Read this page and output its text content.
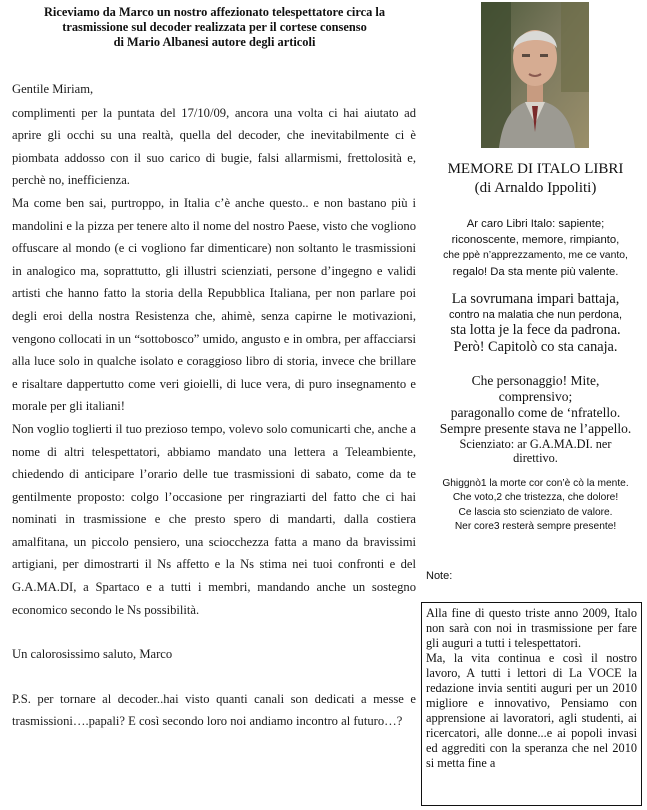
Riceviamo da Marco un nostro affezionato telespettatore circa la
trasmissione sul decoder realizzata per il cortese consenso
di Mario Albanesi autore degli articoli

Gentile Miriam,

complimenti per la puntata del 17/10/09, ancora una volta ci hai aiutato ad aprire gli occhi su una realtà, quella del decoder, che inevitabilmente ci è piombata addosso con il suo carico di bugie, falsi allarmismi, frettolosità e, perchè no, inefficienza.

Ma come ben sai, purtroppo, in Italia c’è anche questo.. e non bastano più i mandolini e la pizza per tenere alto il nome del nostro Paese, visto che vogliono offuscare al mondo (e ci vogliono far dimenticare) non soltanto le trasmissioni in analogico ma, soprattutto, gli illustri scienziati, persone d’ingegno e validi artisti che hanno fatto la storia della Repubblica Italiana, per non parlare poi degli eroi della nostra Resistenza che, ahimè, senza capirne le motivazioni, vengono collocati in un “sottobosco” umido, angusto e in ombra, per affacciarsi alla luce solo in qualche isolato e coraggioso libro di storia, invece che brillare e risaltare dappertutto come veri gioielli, di luce vera, di puro insegnamento e morale per gli italiani!

Non voglio toglierti il tuo prezioso tempo, volevo solo comunicarti che, anche a nome di altri telespettatori, abbiamo mandato una lettera a Teleambiente, chiedendo di anticipare l’orario delle tue trasmissioni di sabato, come da te gentilmente proposto: colgo l’occasione per ringraziarti del fatto che ci hai nominati in trasmissione e che presto spero di mandarti, dalla costiera amalfitana, un piccolo pensiero, una sciocchezza fatta a mano da bravissimi artigiani, per dimostrarti il Ns affetto e la Ns stima nei tuoi confronti e del G.A.MA.DI, a Spartaco e a tutti i membri, mandando anche un sostegno economico secondo le Ns possibilità.

Un calorosissimo saluto, Marco

P.S. per tornare al decoder..hai visto quanti canali son dedicati a messe e trasmissioni….papali? E così secondo loro noi andiamo incontro al futuro…?

MEMORE DI ITALO LIBRI
(di Arnaldo Ippoliti)
Ar caro Libri Italo: sapiente;
riconoscente, memore, rimpianto,
che ppè n’apprezzamento, me ce vanto,
regalo! Da sta mente più valente.
La sovrumana impari battaja,
contro na malatia che nun perdona,
sta lotta je la fece da padrona.
Però! Capitolò co sta canaja.
Che personaggio! Mite,
comprensivo;
paragonallo come de ‘nfratello.
Sempre presente stava ne l’appello.
Scienziato: ar G.A.MA.DI. ner
direttivo.
Ghiggnò1 la morte cor con’è cò la mente.
Che voto,2 che tristezza, che dolore!
Ce lascia sto scienziato de valore.
Ner core3 resterà sempre presente!
Note:

Alla fine di questo triste anno 2009, Italo non sarà con noi in trasmissione per fare gli auguri a tutti i telespettatori.

Ma, la vita continua e così il nostro lavoro, A tutti i lettori di La VOCE la redazione invia sentiti auguri per un 2010 migliore e innovativo, Pensiamo con apprensione ai lavoratori, agli studenti, ai ricercatori, alle donne...e ai popoli invasi ed aggrediti con la speranza che nel 2010 si metta fine a
